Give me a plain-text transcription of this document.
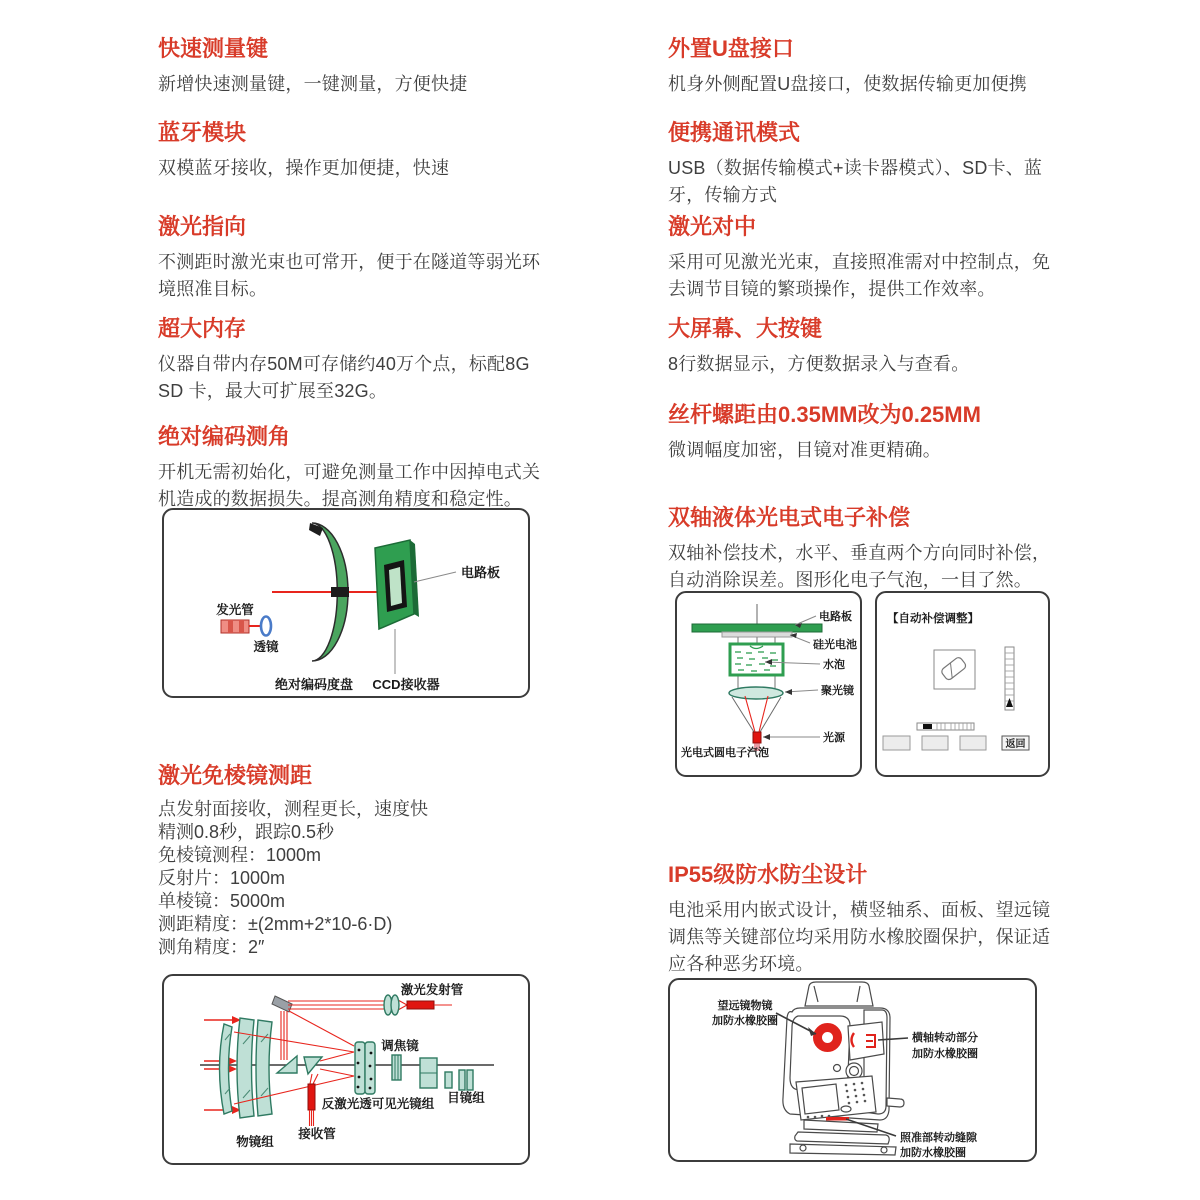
快速测量键

新增快速测量键，一键测量，方便快捷

蓝牙模块

双模蓝牙接收，操作更加便捷，快速

激光指向

不测距时激光束也可常开，便于在隧道等弱光环境照准目标。

超大内存

仪器自带内存50M可存储约40万个点，标配8G SD 卡，最大可扩展至32G。

绝对编码测角

开机无需初始化，可避免测量工作中因掉电式关机造成的数据损失。提高测角精度和稳定性。

电路板
发光管
透镜
绝对编码度盘 CCD接收器
激光免棱镜测距
点发射面接收，测程更长，速度快
精测0.8秒，跟踪0.5秒
免棱镜测程：1000m
反射片：1000m
单棱镜：5000m
测距精度：±(2mm+2*10-6·D)
测角精度：2″
激光发射管
调焦镜
反激光透可见光镜组 目镜组
物镜组
接收管
外置U盘接口

机身外侧配置U盘接口，使数据传输更加便携

便携通讯模式

USB（数据传输模式+读卡器模式）、SD卡、蓝牙，传输方式

激光对中

采用可见激光光束，直接照准需对中控制点，免去调节目镜的繁琐操作，提供工作效率。

大屏幕、大按键

8行数据显示，方便数据录入与查看。

丝杆螺距由0.35MM改为0.25MM

微调幅度加密，目镜对准更精确。

双轴液体光电式电子补偿

双轴补偿技术，水平、垂直两个方向同时补偿，自动消除误差。图形化电子气泡，一目了然。

电路板
硅光电池
水泡
聚光镜
光源
光电式圆电子汽泡
【自动补偿调整】
返回
IP55级防水防尘设计

电池采用内嵌式设计，横竖轴系、面板、望远镜调焦等关键部位均采用防水橡胶圈保护，保证适应各种恶劣环境。

望远镜物镜
加防水橡胶圈
横轴转动部分
加防水橡胶圈
照准部转动缝隙
加防水橡胶圈
